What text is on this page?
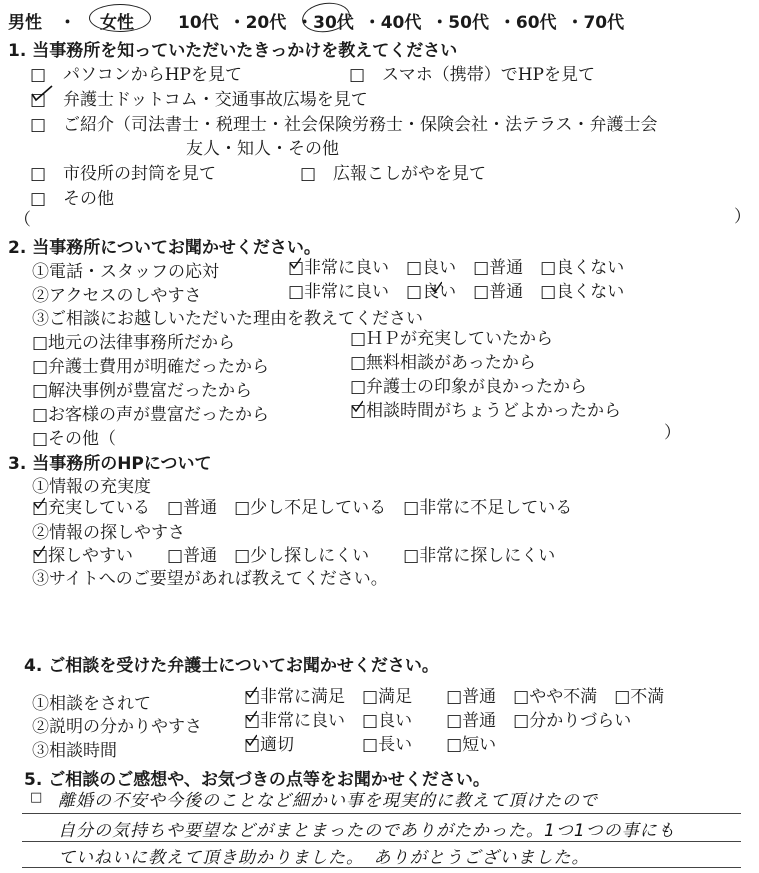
男性　・ 女性	10代 ・20代 ・30代 ・40代 ・50代 ・60代 ・70代
1. 当事務所を知っていただいたきっかけを教えてください
□　パソコンからHPを見て	□　スマホ（携帯）でHPを見て
□　弁護士ドットコム・交通事故広場を見て
□　ご紹介（司法書士・税理士・社会保険労務士・保険会社・法テラス・弁護士会
友人・知人・その他
□　市役所の封筒を見て	□　広報こしがやを見て
□　その他
（	）
2. 当事務所についてお聞かせください。
①電話・スタッフの応対	□非常に良い　□良い　□普通　□良くない
②アクセスのしやすさ	□非常に良い　□良い　□普通　□良くない
③ご相談にお越しいただいた理由を教えてください
□地元の法律事務所だから	□ＨＰが充実していたから
□弁護士費用が明確だったから	□無料相談があったから
□解決事例が豊富だったから	□弁護士の印象が良かったから
□お客様の声が豊富だったから	□相談時間がちょうどよかったから
□その他（	）
3. 当事務所のHPについて
①情報の充実度
□充実している　□普通　□少し不足している　□非常に不足している
②情報の探しやすさ
□探しやすい　　□普通　□少し探しにくい　　□非常に探しにくい
③サイトへのご要望があれば教えてください。
4. ご相談を受けた弁護士についてお聞かせください。
①相談をされて	□非常に満足　□満足　　□普通　□やや不満　□不満
②説明の分かりやすさ □非常に良い　□良い　　□普通　□分かりづらい
③相談時間	□適切　　　　□長い　　□短い
5. ご相談のご感想や、お気づきの点等をお聞かせください。
□ 離婚の不安や今後のことなど細かい事を現実的に教えて頂けたので
自分の気持ちや要望などがまとまったのでありがたかった。1つ1つの事にも
ていねいに教えて頂き助かりました。　ありがとうございました。
